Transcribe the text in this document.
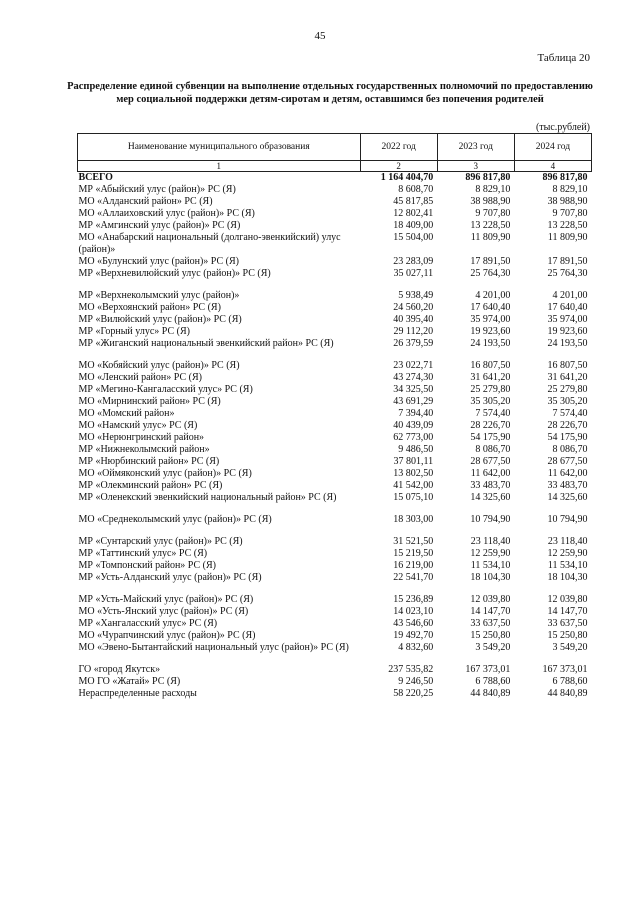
45
Таблица 20
Распределение единой субвенции на выполнение отдельных государственных полномочий по предоставлению
мер социальной поддержки детям-сиротам и детям, оставшимся без попечения родителей
(тыс.рублей)
Наименование муниципального образования	2022 год	2023 год	2024 год
1	2	3	4
ВСЕГО	1 164 404,70	896 817,80	896 817,80
МР «Абыйский улус (район)» РС (Я)	8 608,70	8 829,10	8 829,10
МО «Алданский район» РС (Я)	45 817,85	38 988,90	38 988,90
МО «Аллаиховский улус (район)» РС (Я)	12 802,41	9 707,80	9 707,80
МР «Амгинский улус (район)» РС (Я)	18 409,00	13 228,50	13 228,50
МО «Анабарский национальный (долгано-эвенкийский) улус (район)»	15 504,00	11 809,90	11 809,90
МО «Булунский улус (район)» РС (Я)	23 283,09	17 891,50	17 891,50
МР «Верхневилюйский улус (район)» РС (Я)	35 027,11	25 764,30	25 764,30

МР «Верхнеколымский улус (район)»	5 938,49	4 201,00	4 201,00
МО «Верхоянский район» РС (Я)	24 560,20	17 640,40	17 640,40
МР «Вилюйский улус (район)» РС (Я)	40 395,40	35 974,00	35 974,00
МР «Горный улус» РС (Я)	29 112,20	19 923,60	19 923,60
МР «Жиганский национальный эвенкийский район» РС (Я)	26 379,59	24 193,50	24 193,50

МО «Кобяйский улус (район)» РС (Я)	23 022,71	16 807,50	16 807,50
МО «Ленский район» РС (Я)	43 274,30	31 641,20	31 641,20
МР «Мегино-Кангаласский улус» РС (Я)	34 325,50	25 279,80	25 279,80
МО «Мирнинский район» РС (Я)	43 691,29	35 305,20	35 305,20
МО «Момский район»	7 394,40	7 574,40	7 574,40
МО «Намский улус» РС (Я)	40 439,09	28 226,70	28 226,70
МО «Нерюнгринский район»	62 773,00	54 175,90	54 175,90
МР «Нижнеколымский район»	9 486,50	8 086,70	8 086,70
МР «Нюрбинский район» РС (Я)	37 801,11	28 677,50	28 677,50
МО «Оймяконский улус (район)» РС (Я)	13 802,50	11 642,00	11 642,00
МР «Олекминский район» РС (Я)	41 542,00	33 483,70	33 483,70
МР «Оленекский эвенкийский национальный район» РС (Я)	15 075,10	14 325,60	14 325,60

МО «Среднеколымский улус (район)» РС (Я)	18 303,00	10 794,90	10 794,90

МР «Сунтарский улус (район)» РС (Я)	31 521,50	23 118,40	23 118,40
МР «Таттинский улус» РС (Я)	15 219,50	12 259,90	12 259,90
МР «Томпонский район» РС (Я)	16 219,00	11 534,10	11 534,10
МР «Усть-Алданский улус (район)» РС (Я)	22 541,70	18 104,30	18 104,30

МР «Усть-Майский улус (район)» РС (Я)	15 236,89	12 039,80	12 039,80
МО «Усть-Янский улус (район)» РС (Я)	14 023,10	14 147,70	14 147,70
МР «Хангаласский улус» РС (Я)	43 546,60	33 637,50	33 637,50
МО «Чурапчинский улус (район)» РС (Я)	19 492,70	15 250,80	15 250,80
МО «Эвено-Бытантайский национальный улус (район)» РС (Я)	4 832,60	3 549,20	3 549,20

ГО «город Якутск»	237 535,82	167 373,01	167 373,01
МО ГО «Жатай» РС (Я)	9 246,50	6 788,60	6 788,60
Нераспределенные расходы	58 220,25	44 840,89	44 840,89
